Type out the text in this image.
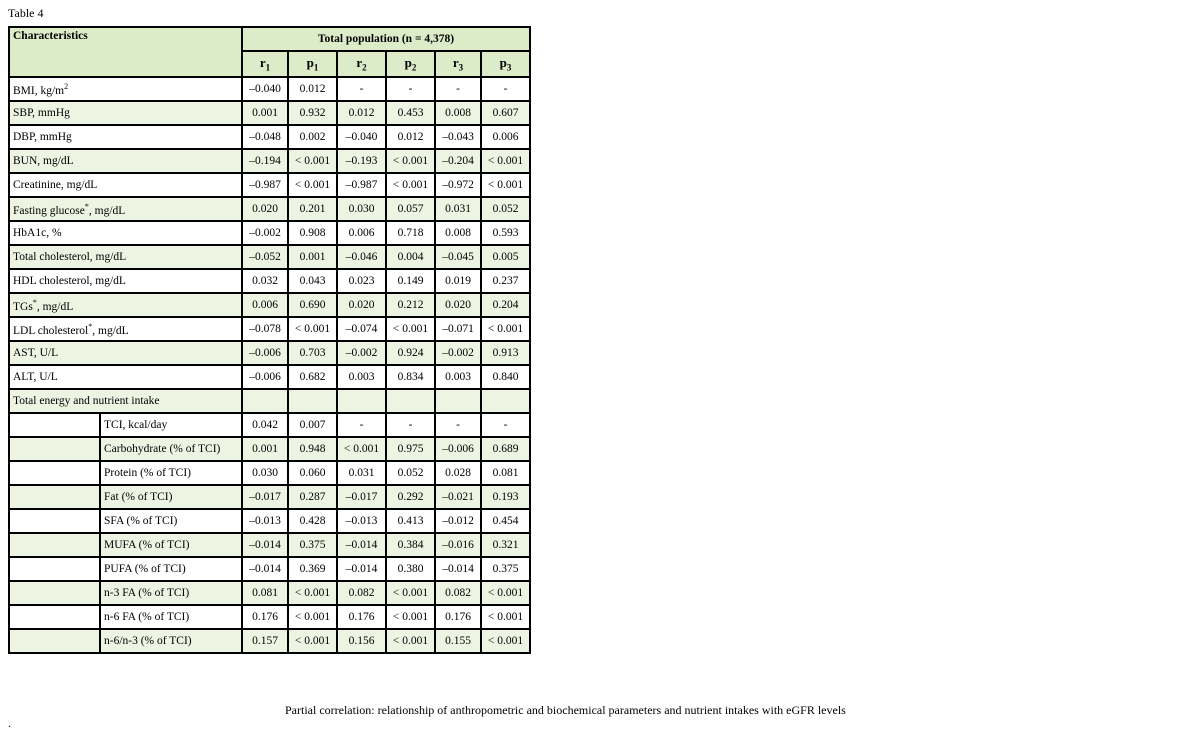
Table 4
Characteristics		Total population (n = 4,378)					
		$r_1$	$p_1$	$r_2$	$p_2$	$r_3$	$p_3$
BMI, $kg/m^2$		–0.040	0.012	-	-	-	-
SBP, mmHg		0.001	0.932	0.012	0.453	0.008	0.607
DBP, mmHg		–0.048	0.002	–0.040	0.012	–0.043	0.006
BUN, mg/dL		–0.194	< 0.001	–0.193	< 0.001	–0.204	< 0.001
Creatinine, mg/dL		–0.987	< 0.001	–0.987	< 0.001	–0.972	< 0.001
Fasting glucose*, mg/dL		0.020	0.201	0.030	0.057	0.031	0.052
HbA1c, %		–0.002	0.908	0.006	0.718	0.008	0.593
Total cholesterol, mg/dL		–0.052	0.001	–0.046	0.004	–0.045	0.005
HDL cholesterol, mg/dL		0.032	0.043	0.023	0.149	0.019	0.237
TGs*, mg/dL		0.006	0.690	0.020	0.212	0.020	0.204
LDL cholesterol*, mg/dL		–0.078	< 0.001	–0.074	< 0.001	–0.071	< 0.001
AST, U/L		–0.006	0.703	–0.002	0.924	–0.002	0.913
ALT, U/L		–0.006	0.682	0.003	0.834	0.003	0.840
Total energy and nutrient intake							
	TCI, kcal/day	0.042	0.007	-	-	-	-
	Carbohydrate (% of TCI)	0.001	0.948	< 0.001	0.975	–0.006	0.689
	Protein (% of TCI)	0.030	0.060	0.031	0.052	0.028	0.081
	Fat (% of TCI)	–0.017	0.287	–0.017	0.292	–0.021	0.193
	SFA (% of TCI)	–0.013	0.428	–0.013	0.413	–0.012	0.454
	MUFA (% of TCI)	–0.014	0.375	–0.014	0.384	–0.016	0.321
	PUFA (% of TCI)	–0.014	0.369	–0.014	0.380	–0.014	0.375
	n-3 FA (% of TCI)	0.081	< 0.001	0.082	< 0.001	0.082	< 0.001
	n-6 FA (% of TCI)	0.176	< 0.001	0.176	< 0.001	0.176	< 0.001
	n-6/n-3 (% of TCI)	0.157	< 0.001	0.156	< 0.001	0.155	< 0.001
Partial correlation: relationship of anthropometric and biochemical parameters and nutrient intakes with eGFR levels
.
